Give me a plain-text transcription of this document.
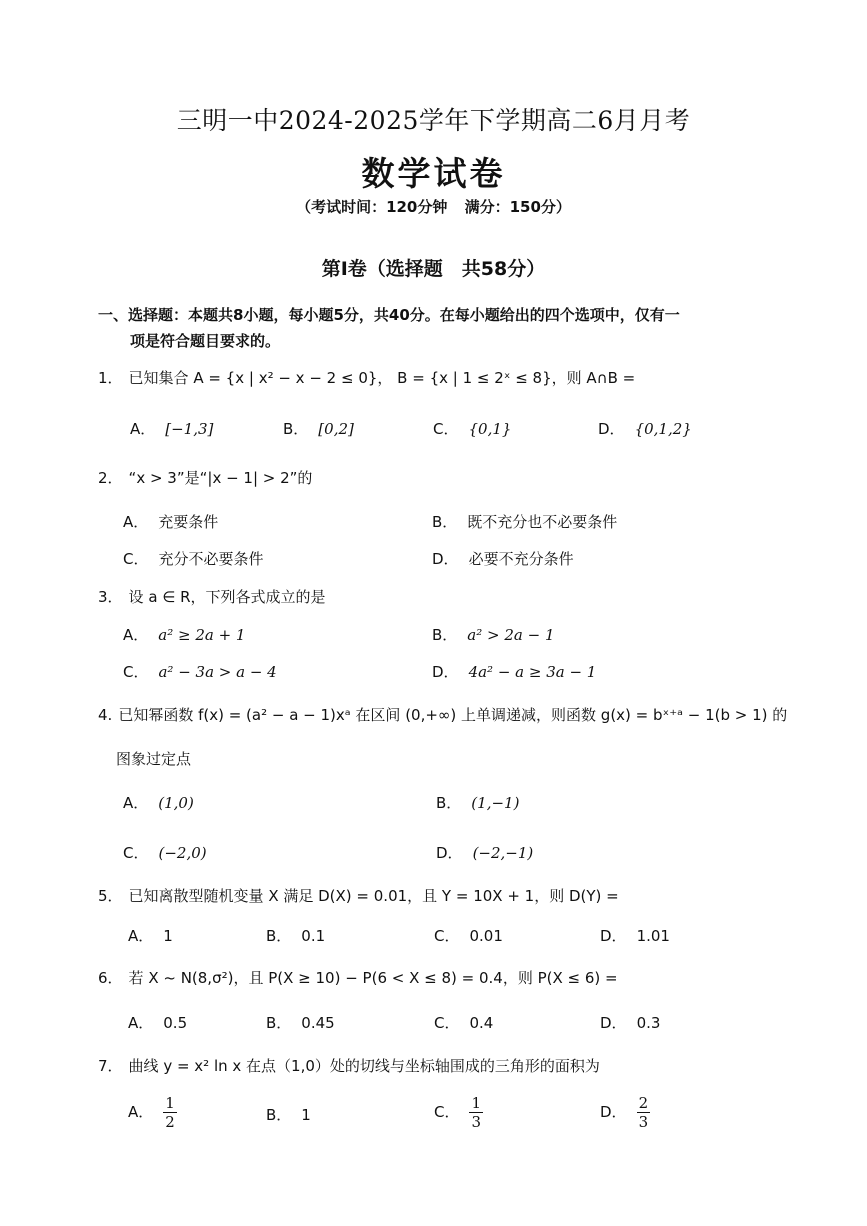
三明一中2024-2025学年下学期高二6月月考
数学试卷
（考试时间：120分钟 满分：150分）
第Ⅰ卷（选择题　共58分）
一、选择题：本题共8小题，每小题5分，共40分。在每小题给出的四个选项中，仅有一
项是符合题目要求的。
1． 已知集合 A = {x | x² − x − 2 ≤ 0}， B = {x | 1 ≤ 2ˣ ≤ 8}，则 A∩B =
A． [−1,3]	B． [0,2]	C． {0,1}	D． {0,1,2}
2． “x > 3”是“|x − 1| > 2”的
A． 充要条件	B． 既不充分也不必要条件
C． 充分不必要条件	D． 必要不充分条件
3． 设 a ∈ R，下列各式成立的是
A． a² ≥ 2a + 1	B． a² > 2a − 1
C． a² − 3a > a − 4	D． 4a² − a ≥ 3a − 1
4. 已知幂函数 f(x) = (a² − a − 1)xᵃ 在区间 (0,+∞) 上单调递减，则函数 g(x) = bˣ⁺ᵃ − 1(b > 1) 的
图象过定点
A． (1,0)	B． (1,−1)
C． (−2,0)	D． (−2,−1)
5． 已知离散型随机变量 X 满足 D(X) = 0.01，且 Y = 10X + 1，则 D(Y) =
A． 1	B． 0.1	C． 0.01	D． 1.01
6． 若 X ~ N(8,σ²)，且 P(X ≥ 10) − P(6 < X ≤ 8) = 0.4，则 P(X ≤ 6) =
A． 0.5	B． 0.45	C． 0.4	D． 0.3
7． 曲线 y = x² ln x 在点（1,0）处的切线与坐标轴围成的三角形的面积为
A． $\frac{1}{2}$	B． 1	C． $\frac{1}{3}$	D． $\frac{2}{3}$
